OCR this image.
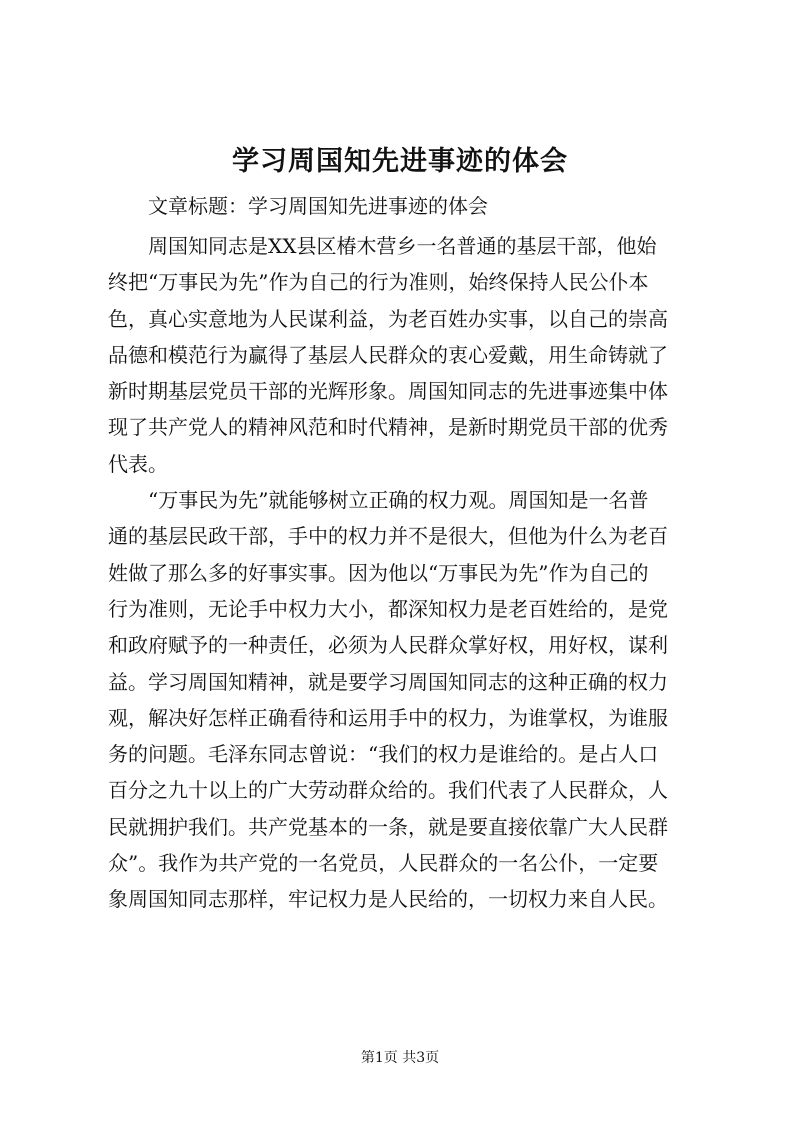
学习周国知先进事迹的体会
文章标题：学习周国知先进事迹的体会
周国知同志是XX县区椿木营乡一名普通的基层干部，他始
终把“万事民为先”作为自己的行为准则，始终保持人民公仆本
色，真心实意地为人民谋利益，为老百姓办实事，以自己的崇高
品德和模范行为赢得了基层人民群众的衷心爱戴，用生命铸就了
新时期基层党员干部的光辉形象。周国知同志的先进事迹集中体
现了共产党人的精神风范和时代精神，是新时期党员干部的优秀
代表。
“万事民为先”就能够树立正确的权力观。周国知是一名普
通的基层民政干部，手中的权力并不是很大，但他为什么为老百
姓做了那么多的好事实事。因为他以“万事民为先”作为自己的
行为准则，无论手中权力大小，都深知权力是老百姓给的，是党
和政府赋予的一种责任，必须为人民群众掌好权，用好权，谋利
益。学习周国知精神，就是要学习周国知同志的这种正确的权力
观，解决好怎样正确看待和运用手中的权力，为谁掌权，为谁服
务的问题。毛泽东同志曾说：“我们的权力是谁给的。是占人口
百分之九十以上的广大劳动群众给的。我们代表了人民群众，人
民就拥护我们。共产党基本的一条，就是要直接依靠广大人民群
众”。我作为共产党的一名党员，人民群众的一名公仆，一定要
象周国知同志那样，牢记权力是人民给的，一切权力来自人民。
第1页 共3页
